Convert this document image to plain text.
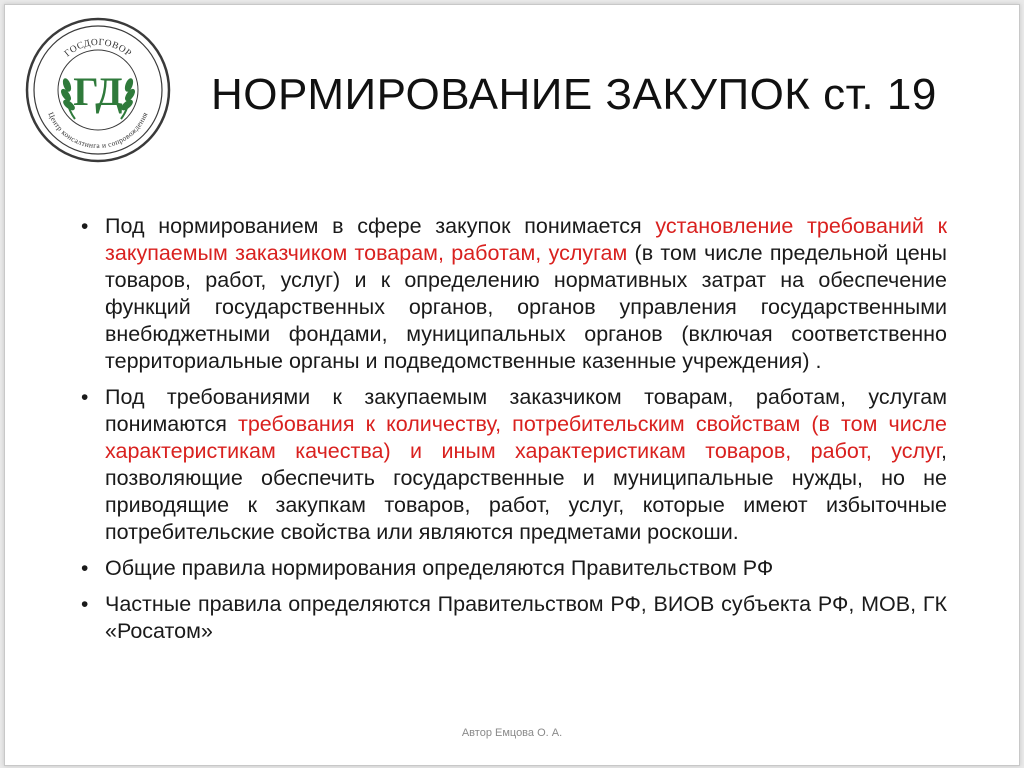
ГОСДОГОВОР
Центр консалтинга и сопровождения
ГД НОРМИРОВАНИЕ ЗАКУПОК ст. 19
• Под нормированием в сфере закупок понимается установление требований к закупаемым заказчиком товарам, работам, услугам (в том числе предельной цены товаров, работ, услуг) и к определению нормативных затрат на обеспечение функций государственных органов, органов управления государственными внебюджетными фондами, муниципальных органов (включая соответственно территориальные органы и подведомственные казенные учреждения) .
• Под требованиями к закупаемым заказчиком товарам, работам, услугам понимаются требования к количеству, потребительским свойствам (в том числе характеристикам качества) и иным характеристикам товаров, работ, услуг, позволяющие обеспечить государственные и муниципальные нужды, но не приводящие к закупкам товаров, работ, услуг, которые имеют избыточные потребительские свойства или являются предметами роскоши.
• Общие правила нормирования определяются Правительством РФ
• Частные правила определяются Правительством РФ, ВИОВ субъекта РФ, МОВ, ГК «Росатом»
Автор Емцова О. А.
